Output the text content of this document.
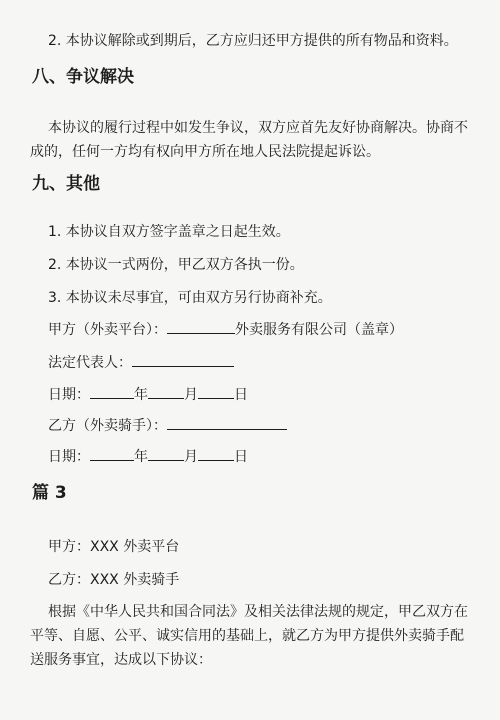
2. 本协议解除或到期后，乙方应归还甲方提供的所有物品和资料。
八、争议解决
本协议的履行过程中如发生争议，双方应首先友好协商解决。协商不成的，任何一方均有权向甲方所在地人民法院提起诉讼。
九、其他
1. 本协议自双方签字盖章之日起生效。
2. 本协议一式两份，甲乙双方各执一份。
3. 本协议未尽事宜，可由双方另行协商补充。
甲方（外卖平台）：	外卖服务有限公司（盖章）
法定代表人：
日期：	年	月	日
乙方（外卖骑手）：
日期：	年	月	日
篇 3
甲方：XXX 外卖平台
乙方：XXX 外卖骑手
根据《中华人民共和国合同法》及相关法律法规的规定，甲乙双方在平等、自愿、公平、诚实信用的基础上，就乙方为甲方提供外卖骑手配送服务事宜，达成以下协议：
